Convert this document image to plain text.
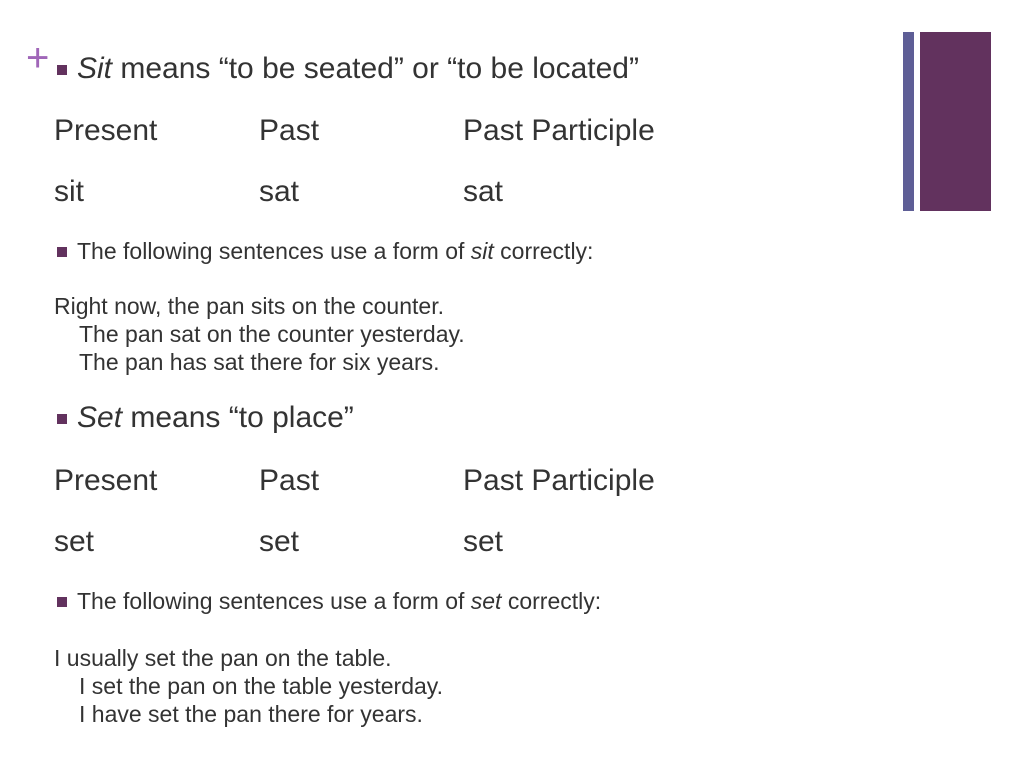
+ Sit means “to be seated” or “to be located”
Present	Past	Past Participle
sit	sat	sat
The following sentences use a form of sit correctly:
Right now, the pan sits on the counter.
The pan sat on the counter yesterday.
The pan has sat there for six years.
Set means “to place”
Present	Past	Past Participle
set	set	set
The following sentences use a form of set correctly:
I usually set the pan on the table.
I set the pan on the table yesterday.
I have set the pan there for years.
